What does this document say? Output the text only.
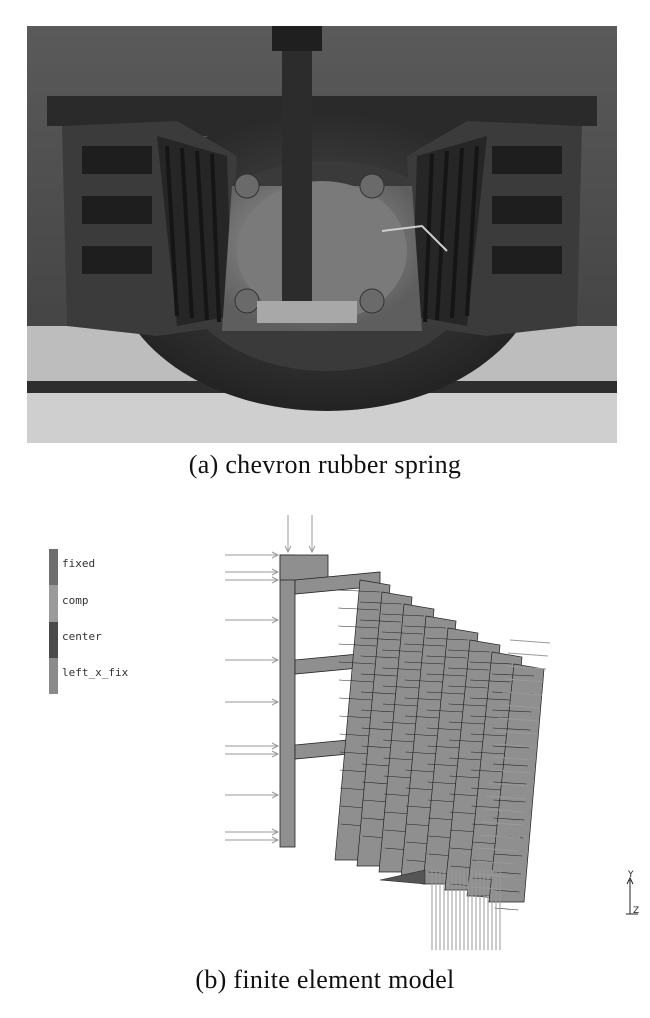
(a) chevron rubber spring
fixed
comp
center
left_x_fix
Y
Z
(b) finite element model
